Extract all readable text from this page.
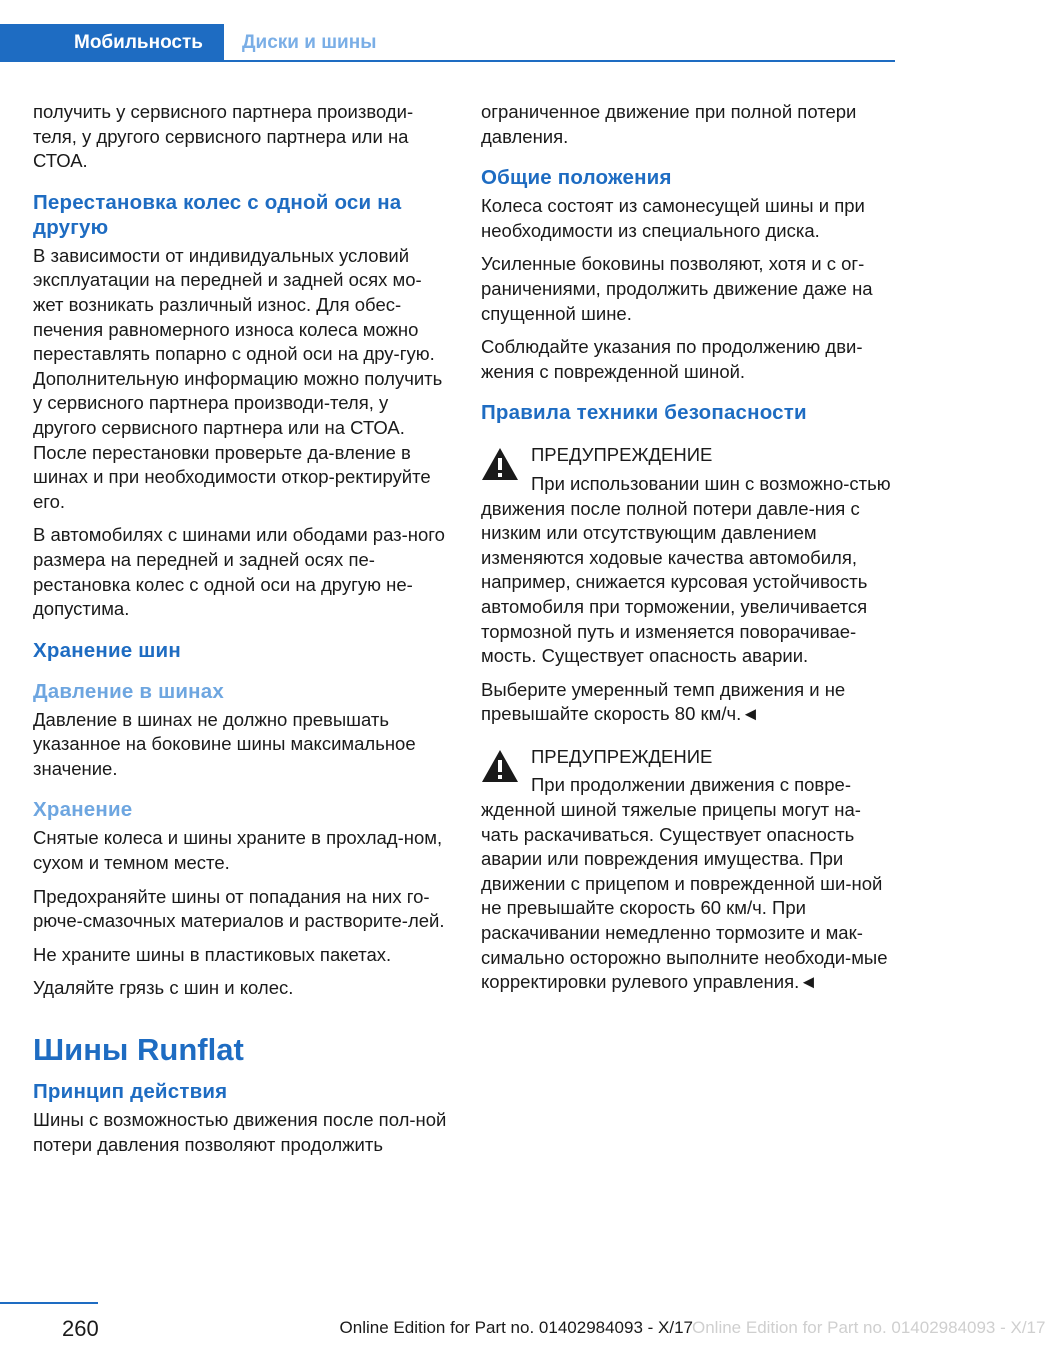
Мобильность	Диски и шины

получить у сервисного партнера производи-теля, у другого сервисного партнера или на СТОА.

Перестановка колес с одной оси на другую

В зависимости от индивидуальных условий эксплуатации на передней и задней осях мо-жет возникать различный износ. Для обес-печения равномерного износа колеса можно переставлять попарно с одной оси на дру-гую. Дополнительную информацию можно получить у сервисного партнера производи-теля, у другого сервисного партнера или на СТОА. После перестановки проверьте да-вление в шинах и при необходимости откор-ректируйте его.

В автомобилях с шинами или ободами раз-ного размера на передней и задней осях пе-рестановка колес с одной оси на другую не-допустима.

Хранение шин
Давление в шинах

Давление в шинах не должно превышать указанное на боковине шины максимальное значение.

Хранение

Снятые колеса и шины храните в прохлад-ном, сухом и темном месте.

Предохраняйте шины от попадания на них го-рюче-смазочных материалов и растворите-лей.

Не храните шины в пластиковых пакетах.

Удаляйте грязь с шин и колес.

Шины Runflat
Принцип действия

Шины с возможностью движения после пол-ной потери давления позволяют продолжить

ограниченное движение при полной потери давления.

Общие положения

Колеса состоят из самонесущей шины и при необходимости из специального диска.

Усиленные боковины позволяют, хотя и с ог-раничениями, продолжить движение даже на спущенной шине.

Соблюдайте указания по продолжению дви-жения с поврежденной шиной.

Правила техники безопасности
ПРЕДУПРЕЖДЕНИЕ

При использовании шин с возможно-стью движения после полной потери давле-ния с низким или отсутствующим давлением изменяются ходовые качества автомобиля, например, снижается курсовая устойчивость автомобиля при торможении, увеличивается тормозной путь и изменяется поворачивае-мость. Существует опасность аварии.

Выберите умеренный темп движения и не превышайте скорость 80 км/ч.◄

ПРЕДУПРЕЖДЕНИЕ

При продолжении движения с повре-жденной шиной тяжелые прицепы могут на-чать раскачиваться. Существует опасность аварии или повреждения имущества. При движении с прицепом и поврежденной ши-ной не превышайте скорость 60 км/ч. При раскачивании немедленно тормозите и мак-симально осторожно выполните необходи-мые корректировки рулевого управления.◄

260	Online Edition for Part no. 01402984093 - X/17
Online Edition for Part no. 01402984093 - X/17
